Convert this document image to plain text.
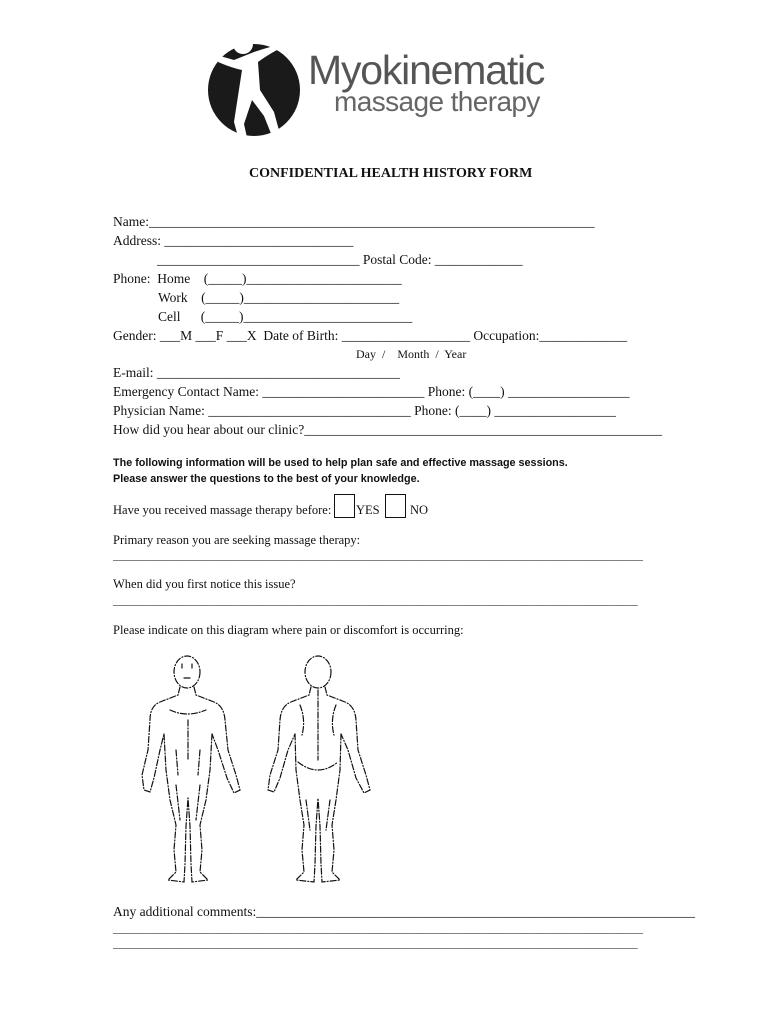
Myokinematic
massage therapy
CONFIDENTIAL HEALTH HISTORY FORM
Name:__________________________________________________________________
Address: ____________________________
______________________________ Postal Code: _____________
Phone:  Home    (_____)_______________________
Work    (_____)_______________________
Cell      (_____)_________________________
Gender: ___M ___F ___X  Date of Birth: ___________________ Occupation:_____________
Day  /    Month  /  Year
E-mail: ____________________________________
Emergency Contact Name: ________________________ Phone: (____) __________________
Physician Name: ______________________________ Phone: (____) __________________
How did you hear about our clinic?_____________________________________________________
The following information will be used to help plan safe and effective massage sessions.
Please answer the questions to the best of your knowledge.
Have you received massage therapy before: YES NO
Primary reason you are seeking massage therapy:
______________________________________________________________________________________________________
When did you first notice this issue?
_____________________________________________________________________________________________________
Please indicate on this diagram where pain or discomfort is occurring:
Any additional comments:_________________________________________________________________
______________________________________________________________________________________________________
_____________________________________________________________________________________________________
